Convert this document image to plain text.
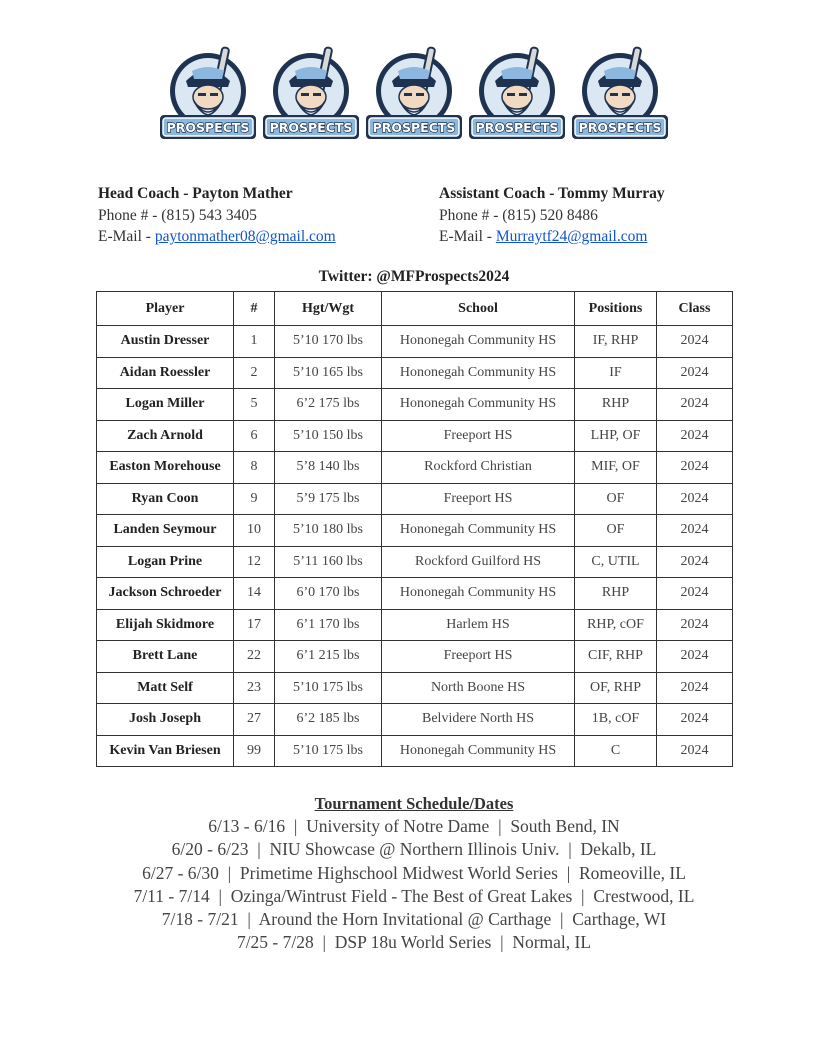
PROSPECTS PROSPECTS PROSPECTS PROSPECTS PROSPECTS
Head Coach - Payton Mather
Phone # - (815) 543 3405
E-Mail - paytonmather08@gmail.com
Assistant Coach - Tommy Murray
Phone # - (815) 520 8486
E-Mail - Murraytf24@gmail.com
Twitter: @MFProspects2024
Player	#	Hgt/Wgt	School	Positions	Class
Austin Dresser	1	5’10 170 lbs	Hononegah Community HS	IF, RHP	2024
Aidan Roessler	2	5’10 165 lbs	Hononegah Community HS	IF	2024
Logan Miller	5	6’2 175 lbs	Hononegah Community HS	RHP	2024
Zach Arnold	6	5’10 150 lbs	Freeport HS	LHP, OF	2024
Easton Morehouse	8	5’8 140 lbs	Rockford Christian	MIF, OF	2024
Ryan Coon	9	5’9 175 lbs	Freeport HS	OF	2024
Landen Seymour	10	5’10 180 lbs	Hononegah Community HS	OF	2024
Logan Prine	12	5’11 160 lbs	Rockford Guilford HS	C, UTIL	2024
Jackson Schroeder	14	6’0 170 lbs	Hononegah Community HS	RHP	2024
Elijah Skidmore	17	6’1 170 lbs	Harlem HS	RHP, cOF	2024
Brett Lane	22	6’1 215 lbs	Freeport HS	CIF, RHP	2024
Matt Self	23	5’10 175 lbs	North Boone HS	OF, RHP	2024
Josh Joseph	27	6’2 185 lbs	Belvidere North HS	1B, cOF	2024
Kevin Van Briesen	99	5’10 175 lbs	Hononegah Community HS	C	2024
Tournament Schedule/Dates
6/13 - 6/16  |  University of Notre Dame  |  South Bend, IN
6/20 - 6/23  |  NIU Showcase @ Northern Illinois Univ.  |  Dekalb, IL
6/27 - 6/30  |  Primetime Highschool Midwest World Series  |  Romeoville, IL
7/11 - 7/14  |  Ozinga/Wintrust Field - The Best of Great Lakes  |  Crestwood, IL
7/18 - 7/21  |  Around the Horn Invitational @ Carthage  |  Carthage, WI
7/25 - 7/28  |  DSP 18u World Series  |  Normal, IL
